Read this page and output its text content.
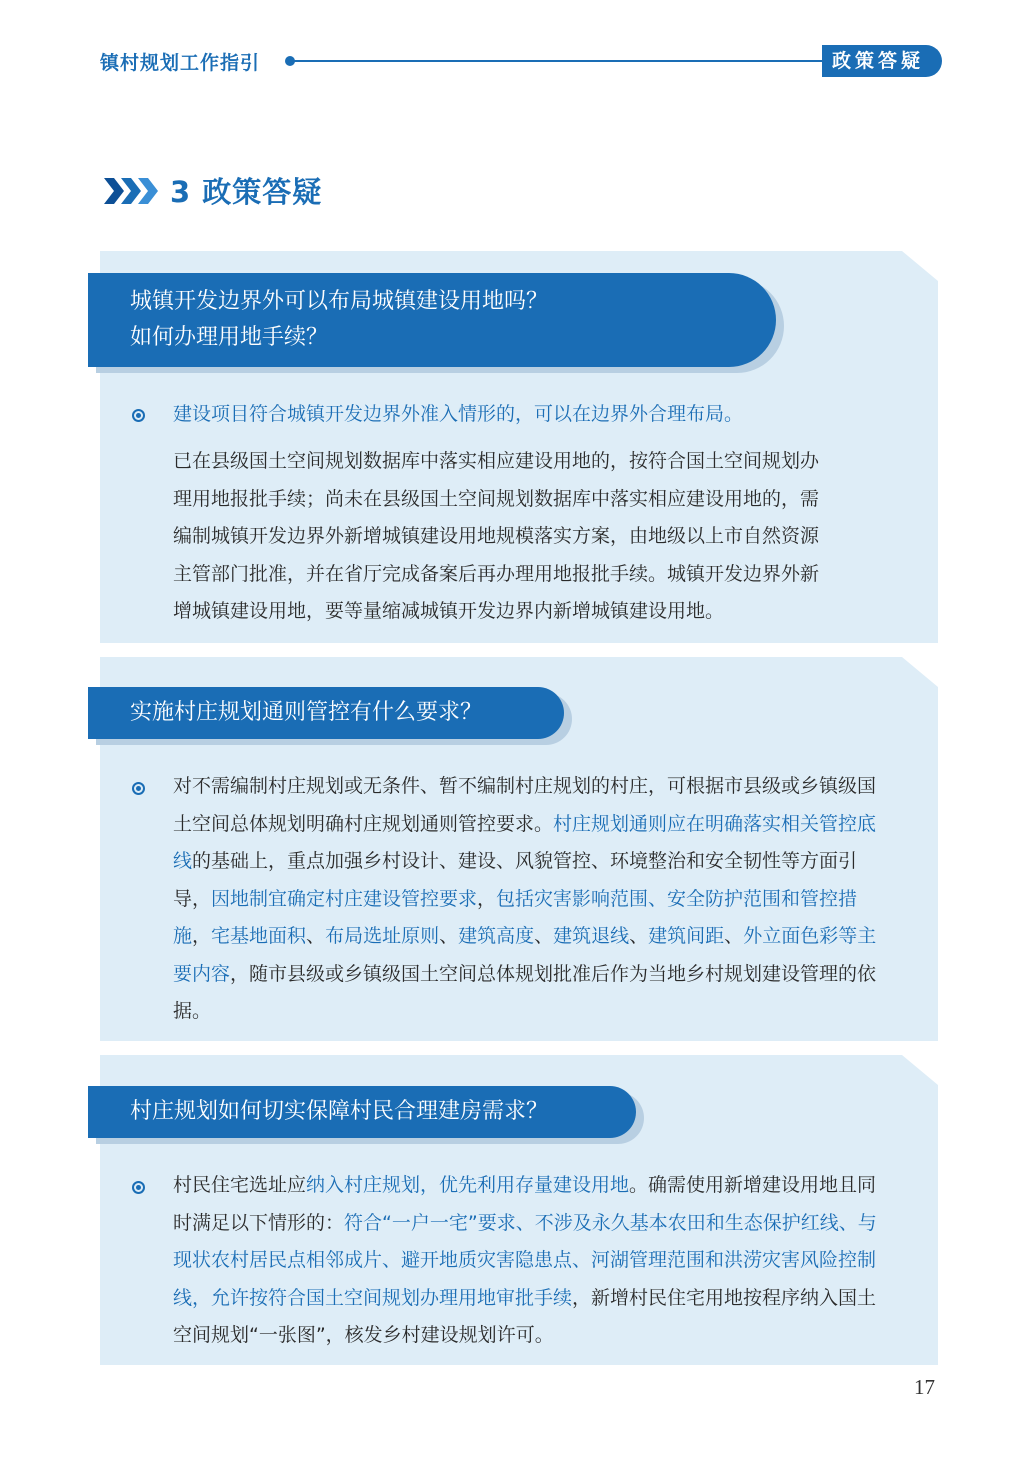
镇村规划工作指引	政策答疑
3 政策答疑
城镇开发边界外可以布局城镇建设用地吗？
如何办理用地手续？
建设项目符合城镇开发边界外准入情形的，可以在边界外合理布局。
已在县级国土空间规划数据库中落实相应建设用地的，按符合国土空间规划办
理用地报批手续；尚未在县级国土空间规划数据库中落实相应建设用地的，需
编制城镇开发边界外新增城镇建设用地规模落实方案，由地级以上市自然资源
主管部门批准，并在省厅完成备案后再办理用地报批手续。城镇开发边界外新
增城镇建设用地，要等量缩减城镇开发边界内新增城镇建设用地。
实施村庄规划通则管控有什么要求？
对不需编制村庄规划或无条件、暂不编制村庄规划的村庄，可根据市县级或乡镇级国土空间总体规划明确村庄规划通则管控要求。村庄规划通则应在明确落实相关管控底线的基础上，重点加强乡村设计、建设、风貌管控、环境整治和安全韧性等方面引导，因地制宜确定村庄建设管控要求，包括灾害影响范围、安全防护范围和管控措施，宅基地面积、布局选址原则、建筑高度、建筑退线、建筑间距、外立面色彩等主要内容，随市县级或乡镇级国土空间总体规划批准后作为当地乡村规划建设管理的依据。
村庄规划如何切实保障村民合理建房需求？
村民住宅选址应纳入村庄规划，优先利用存量建设用地。确需使用新增建设用地且同时满足以下情形的：符合“一户一宅”要求、不涉及永久基本农田和生态保护红线、与现状农村居民点相邻成片、避开地质灾害隐患点、河湖管理范围和洪涝灾害风险控制线，允许按符合国土空间规划办理用地审批手续，新增村民住宅用地按程序纳入国土空间规划“一张图”，核发乡村建设规划许可。
17
